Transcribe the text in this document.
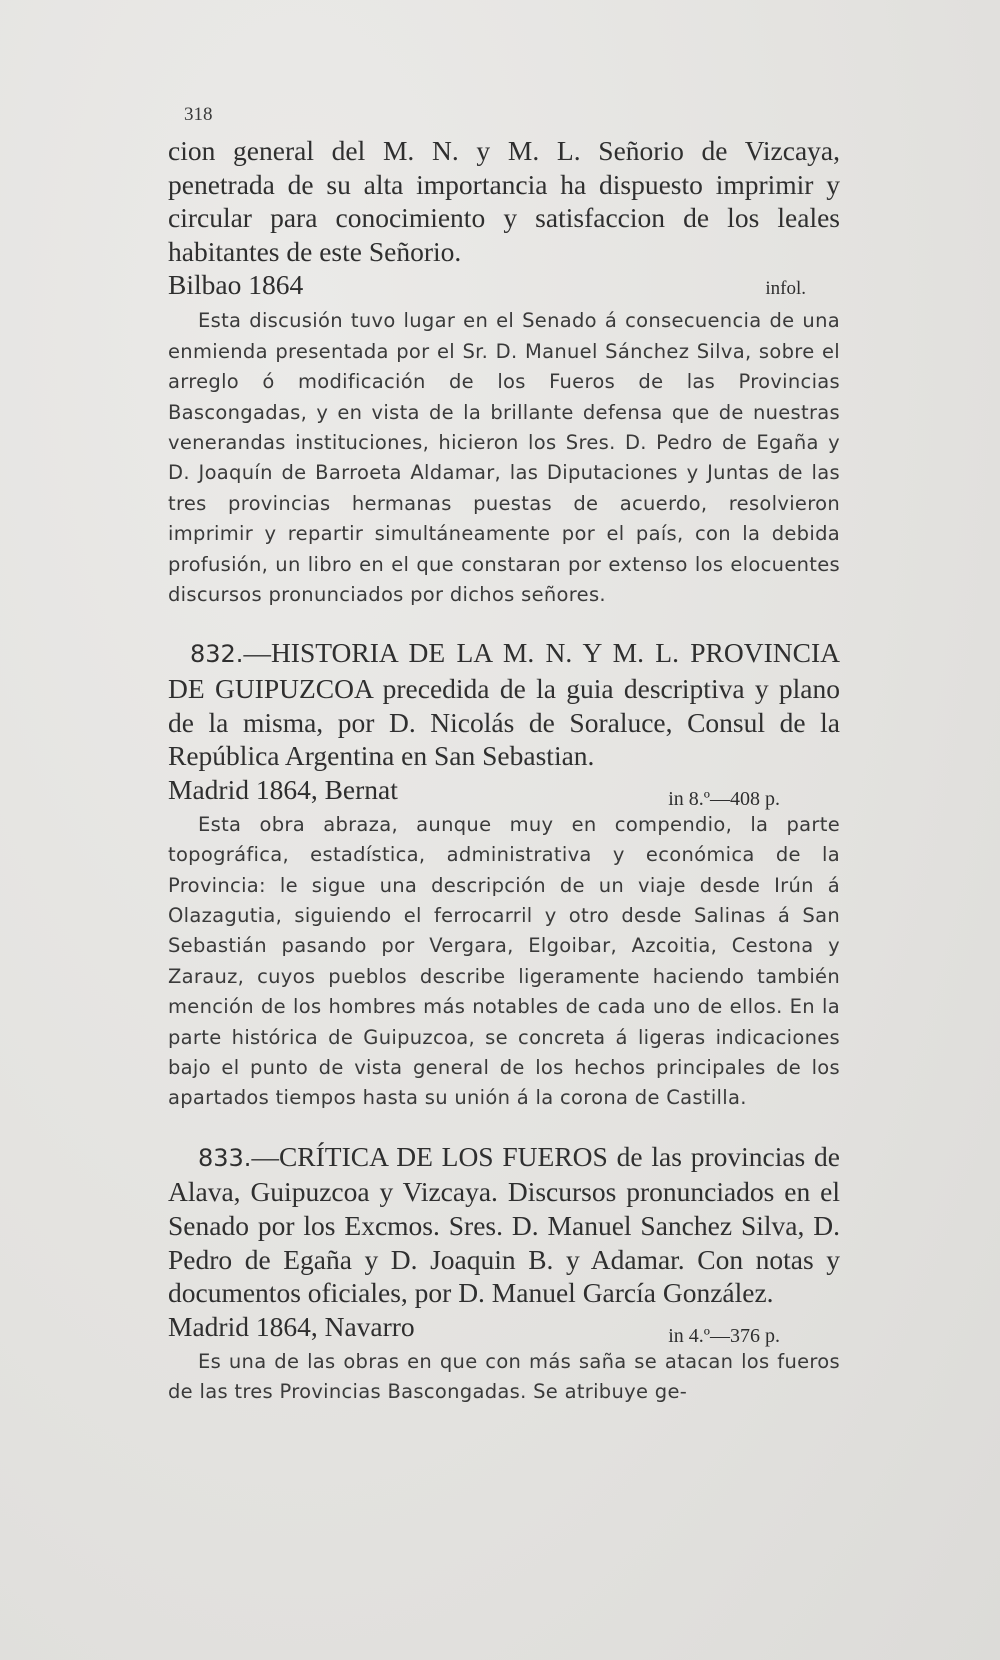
318

cion general del M. N. y M. L. Señorio de Vizcaya, penetrada de su alta importancia ha dispuesto imprimir y circular para conocimiento y satisfaccion de los leales habitantes de este Señorio.

Bilbao 1864	infol.

Esta discusión tuvo lugar en el Senado á consecuencia de una enmienda presentada por el Sr. D. Manuel Sánchez Silva, sobre el arreglo ó modificación de los Fueros de las Provincias Bascongadas, y en vista de la brillante defensa que de nuestras venerandas instituciones, hicieron los Sres. D. Pedro de Egaña y D. Joaquín de Barroeta Aldamar, las Diputaciones y Juntas de las tres provincias hermanas puestas de acuerdo, resolvieron imprimir y repartir simultáneamente por el país, con la debida profusión, un libro en el que constaran por extenso los elocuentes discursos pronunciados por dichos señores.

832.—HISTORIA DE LA M. N. Y M. L. PROVINCIA DE GUIPUZCOA precedida de la guia descriptiva y plano de la misma, por D. Nicolás de Soraluce, Consul de la República Argentina en San Sebastian.

Madrid 1864, Bernat	in 8.º—408 p.

Esta obra abraza, aunque muy en compendio, la parte topográfica, estadística, administrativa y económica de la Provincia: le sigue una descripción de un viaje desde Irún á Olazagutia, siguiendo el ferrocarril y otro desde Salinas á San Sebastián pasando por Vergara, Elgoibar, Azcoitia, Cestona y Zarauz, cuyos pueblos describe ligeramente haciendo también mención de los hombres más notables de cada uno de ellos. En la parte histórica de Guipuzcoa, se concreta á ligeras indicaciones bajo el punto de vista general de los hechos principales de los apartados tiempos hasta su unión á la corona de Castilla.

833.—CRÍTICA DE LOS FUEROS de las provincias de Alava, Guipuzcoa y Vizcaya. Discursos pronunciados en el Senado por los Excmos. Sres. D. Manuel Sanchez Silva, D. Pedro de Egaña y D. Joaquin B. y Adamar. Con notas y documentos oficiales, por D. Manuel García González.

Madrid 1864, Navarro	in 4.º—376 p.

Es una de las obras en que con más saña se atacan los fueros de las tres Provincias Bascongadas. Se atribuye ge-
